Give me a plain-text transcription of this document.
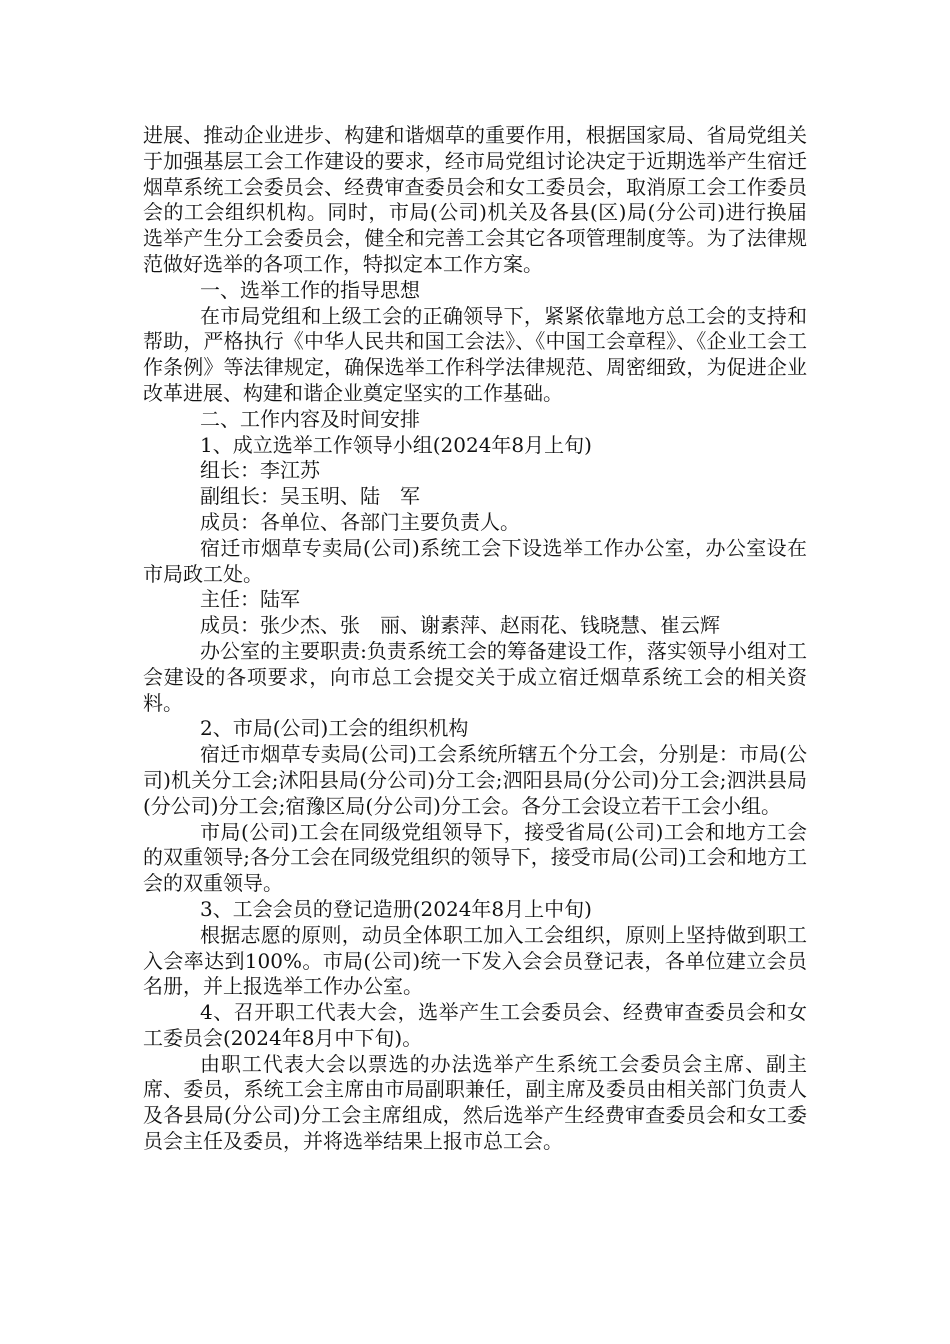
进展、推动企业进步、构建和谐烟草的重要作用，根据国家局、省局党组关于加强基层工会工作建设的要求，经市局党组讨论决定于近期选举产生宿迁烟草系统工会委员会、经费审查委员会和女工委员会，取消原工会工作委员会的工会组织机构。同时，市局(公司)机关及各县(区)局(分公司)进行换届选举产生分工会委员会，健全和完善工会其它各项管理制度等。为了法律规范做好选举的各项工作，特拟定本工作方案。

一、选举工作的指导思想

在市局党组和上级工会的正确领导下，紧紧依靠地方总工会的支持和帮助，严格执行《中华人民共和国工会法》、《中国工会章程》、《企业工会工作条例》等法律规定，确保选举工作科学法律规范、周密细致，为促进企业改革进展、构建和谐企业奠定坚实的工作基础。

二、工作内容及时间安排

1、成立选举工作领导小组(2024年8月上旬)

组长：李江苏

副组长：吴玉明、陆　军

成员：各单位、各部门主要负责人。

宿迁市烟草专卖局(公司)系统工会下设选举工作办公室，办公室设在市局政工处。

主任：陆军

成员：张少杰、张　丽、谢素萍、赵雨花、钱晓慧、崔云辉

办公室的主要职责:负责系统工会的筹备建设工作，落实领导小组对工会建设的各项要求，向市总工会提交关于成立宿迁烟草系统工会的相关资料。

2、市局(公司)工会的组织机构

宿迁市烟草专卖局(公司)工会系统所辖五个分工会，分别是：市局(公司)机关分工会;沭阳县局(分公司)分工会;泗阳县局(分公司)分工会;泗洪县局(分公司)分工会;宿豫区局(分公司)分工会。各分工会设立若干工会小组。

市局(公司)工会在同级党组领导下，接受省局(公司)工会和地方工会的双重领导;各分工会在同级党组织的领导下，接受市局(公司)工会和地方工会的双重领导。

3、工会会员的登记造册(2024年8月上中旬)

根据志愿的原则，动员全体职工加入工会组织，原则上坚持做到职工入会率达到100%。市局(公司)统一下发入会会员登记表，各单位建立会员名册，并上报选举工作办公室。

4、召开职工代表大会，选举产生工会委员会、经费审查委员会和女工委员会(2024年8月中下旬)。

由职工代表大会以票选的办法选举产生系统工会委员会主席、副主席、委员，系统工会主席由市局副职兼任，副主席及委员由相关部门负责人及各县局(分公司)分工会主席组成，然后选举产生经费审查委员会和女工委员会主任及委员，并将选举结果上报市总工会。
